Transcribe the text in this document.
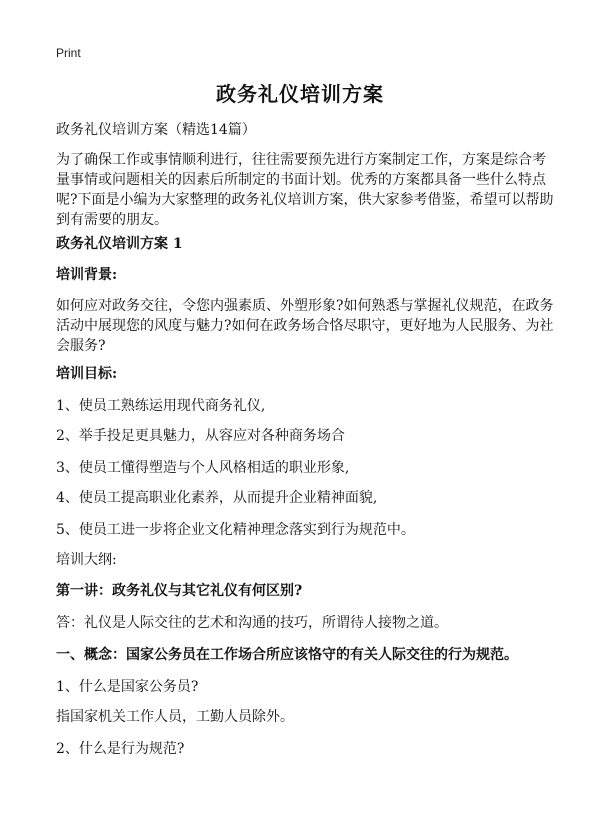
Print
政务礼仪培训方案

政务礼仪培训方案（精选14篇）

为了确保工作或事情顺利进行，往往需要预先进行方案制定工作，方案是综合考量事情或问题相关的因素后所制定的书面计划。优秀的方案都具备一些什么特点呢?下面是小编为大家整理的政务礼仪培训方案，供大家参考借鉴，希望可以帮助到有需要的朋友。

政务礼仪培训方案 1

培训背景:

如何应对政务交往，令您内强素质、外塑形象?如何熟悉与掌握礼仪规范，在政务活动中展现您的风度与魅力?如何在政务场合恪尽职守，更好地为人民服务、为社会服务?

培训目标:

1、使员工熟练运用现代商务礼仪,

2、举手投足更具魅力，从容应对各种商务场合

3、使员工懂得塑造与个人风格相适的职业形象,

4、使员工提高职业化素养，从而提升企业精神面貌,

5、使员工进一步将企业文化精神理念落实到行为规范中。

培训大纲:

第一讲：政务礼仪与其它礼仪有何区别?

答：礼仪是人际交往的艺术和沟通的技巧，所谓待人接物之道。

一、概念：国家公务员在工作场合所应该恪守的有关人际交往的行为规范。

1、什么是国家公务员?

指国家机关工作人员，工勤人员除外。

2、什么是行为规范?
